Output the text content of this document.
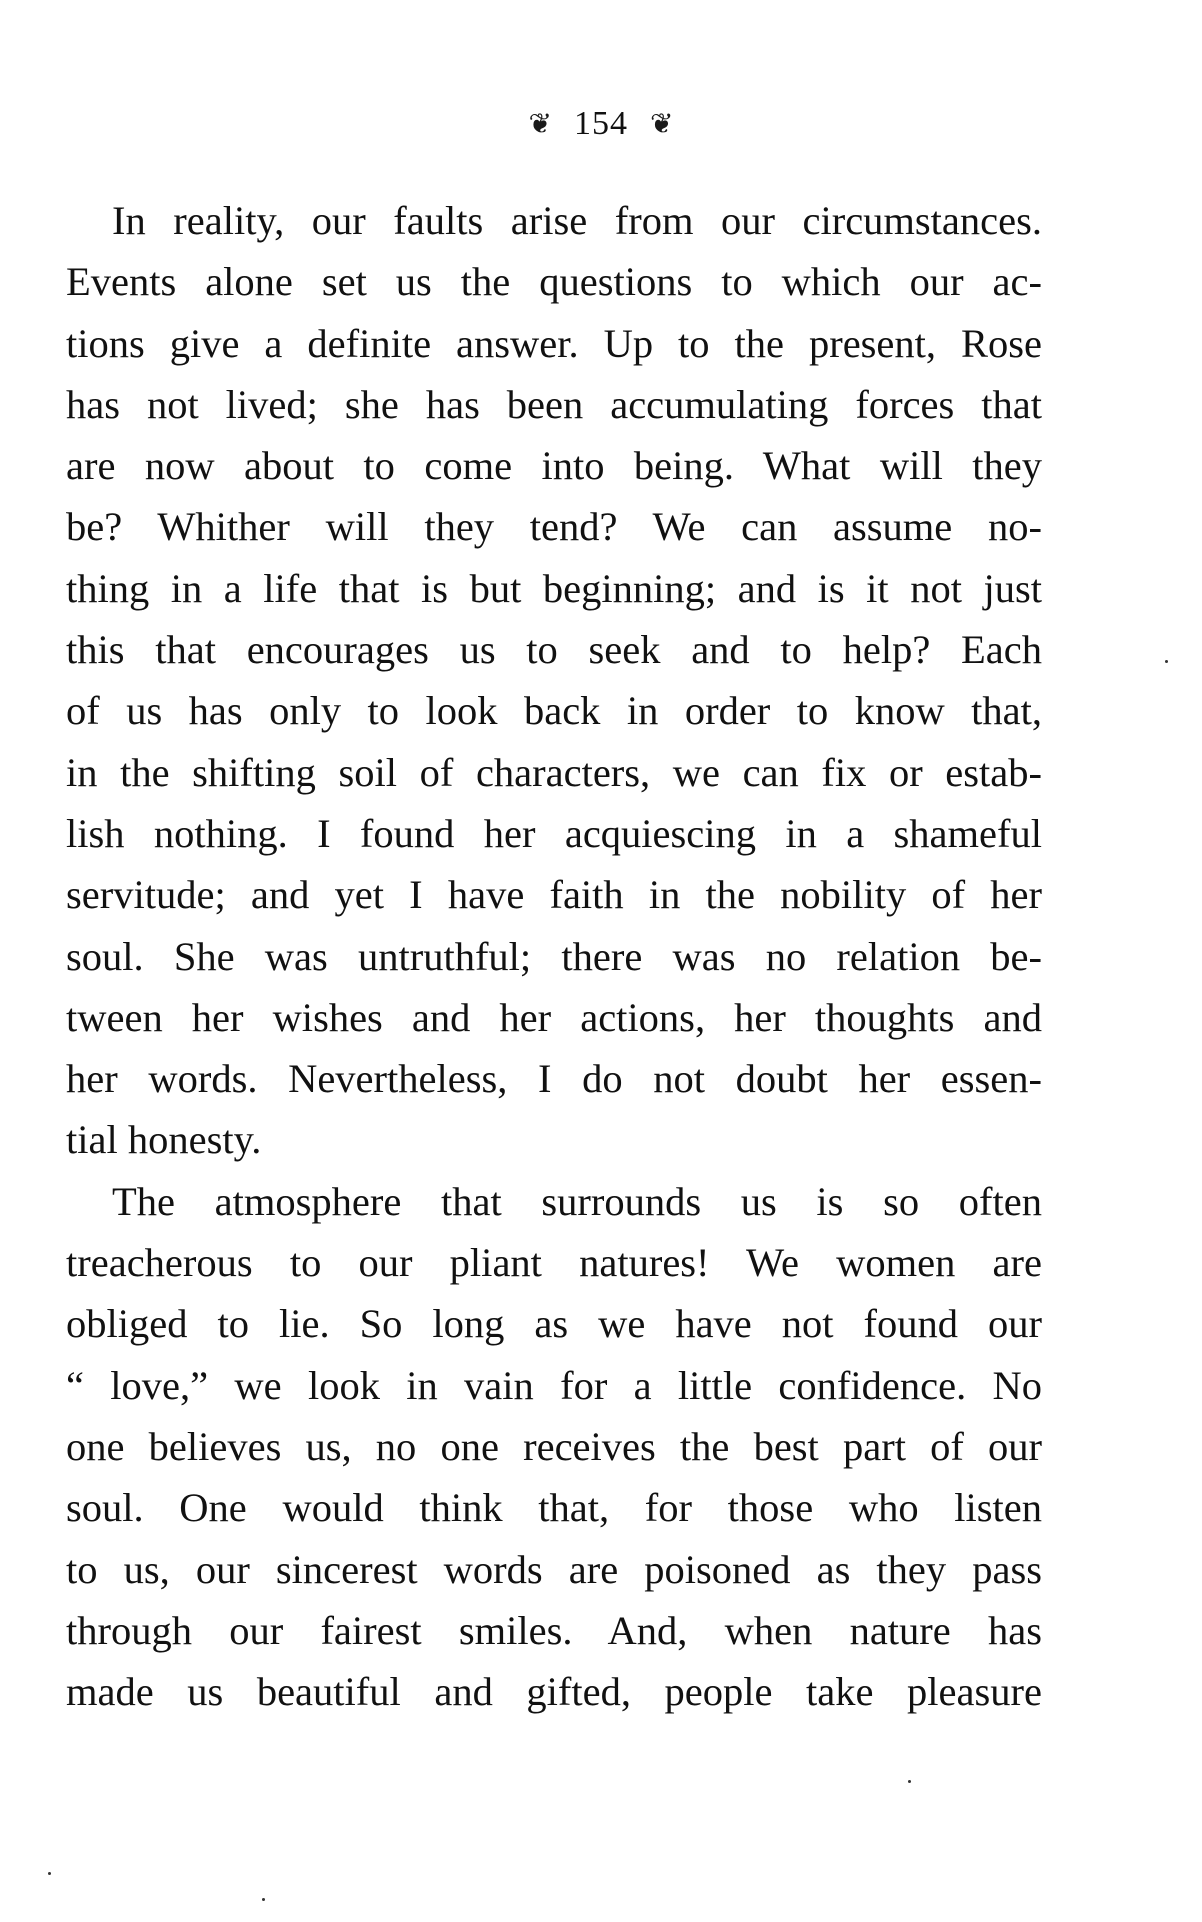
❦ 154 ❦
In reality, our faults arise from our circumstances.
Events alone set us the questions to which our ac-
tions give a definite answer. Up to the present, Rose
has not lived; she has been accumulating forces that
are now about to come into being. What will they
be? Whither will they tend? We can assume no-
thing in a life that is but beginning; and is it not just
this that encourages us to seek and to help? Each
of us has only to look back in order to know that,
in the shifting soil of characters, we can fix or estab-
lish nothing. I found her acquiescing in a shameful
servitude; and yet I have faith in the nobility of her
soul. She was untruthful; there was no relation be-
tween her wishes and her actions, her thoughts and
her words. Nevertheless, I do not doubt her essen-
tial honesty.
The atmosphere that surrounds us is so often
treacherous to our pliant natures! We women are
obliged to lie. So long as we have not found our
“ love,” we look in vain for a little confidence. No
one believes us, no one receives the best part of our
soul. One would think that, for those who listen
to us, our sincerest words are poisoned as they pass
through our fairest smiles. And, when nature has
made us beautiful and gifted, people take pleasure
